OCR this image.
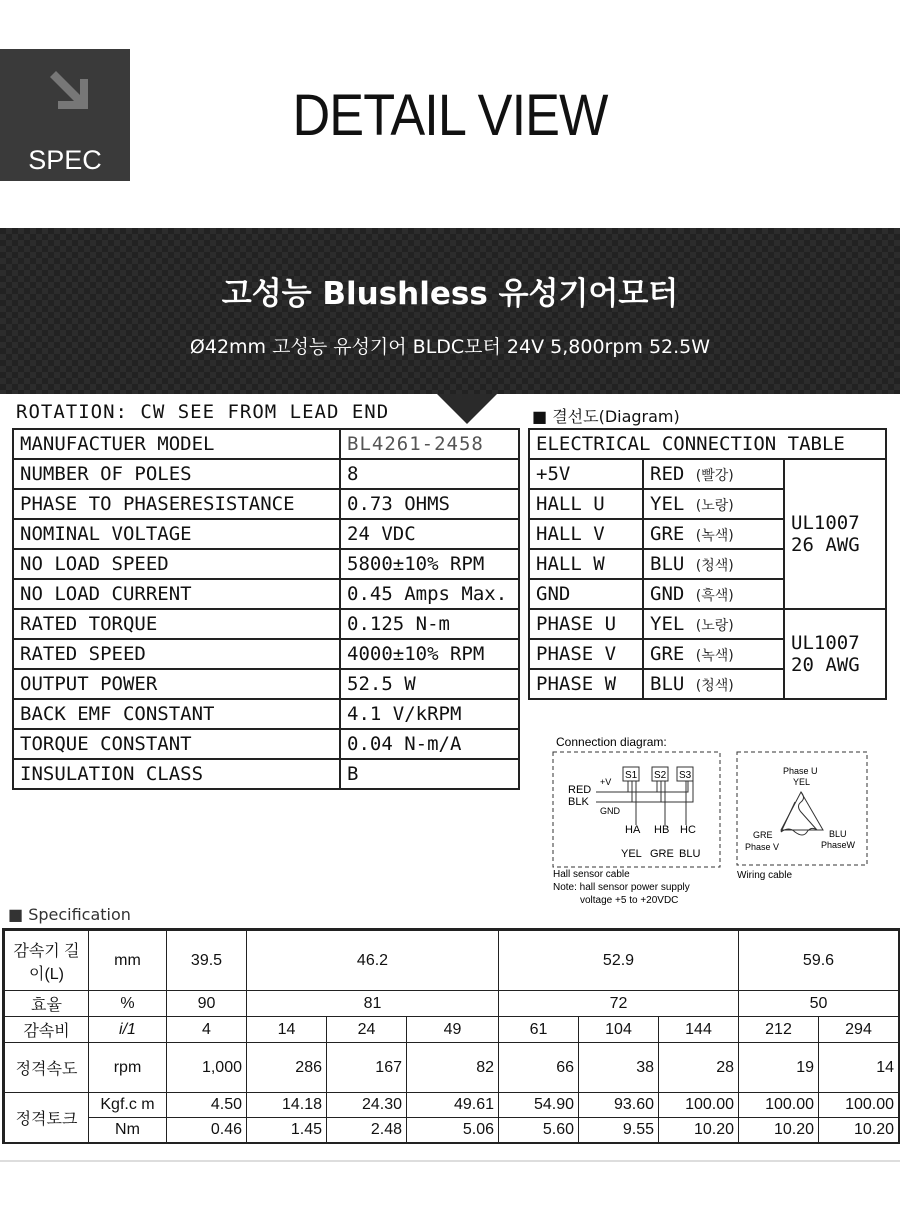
SPEC
DETAIL VIEW
고성능 Blushless 유성기어모터
Ø42mm 고성능 유성기어 BLDC모터 24V 5,800rpm 52.5W
ROTATION: CW SEE FROM LEAD END
MANUFACTUER MODEL	BL4261-2458
NUMBER OF POLES	8
PHASE TO PHASERESISTANCE	0.73 OHMS
NOMINAL VOLTAGE	24 VDC
NO LOAD SPEED	5800±10% RPM
NO LOAD CURRENT	0.45 Amps Max.
RATED TORQUE	0.125 N-m
RATED SPEED	4000±10% RPM
OUTPUT POWER	52.5 W
BACK EMF CONSTANT	4.1 V/kRPM
TORQUE CONSTANT	0.04 N-m/A
INSULATION CLASS	B
■ 결선도(Diagram)
ELECTRICAL CONNECTION TABLE		
+5V	RED (빨강)	UL1007 26 AWG
HALL U	YEL (노랑)	
HALL V	GRE (녹색)	
HALL W	BLU (청색)	
GND	GND (흑색)	
PHASE U	YEL (노랑)	UL1007 20 AWG
PHASE V	GRE (녹색)	
PHASE W	BLU (청색)	
Connection diagram:
S1 S2 S3
+V
RED
BLK
GND
HA HB HC
YEL GRE BLU
Hall sensor cable
Note: hall sensor power supply
voltage +5 to +20VDC
Phase U
YEL
GRE
Phase V
BLU
PhaseW
Wiring cable
■ Specification
감속기 길이(L)	mm	39.5	46.2			52.9			59.6	
효율	%	90	81			72			50	
감속비	i/1	4	14	24	49	61	104	144	212	294
정격속도	rpm	1,000	286	167	82	66	38	28	19	14
정격토크	Kgf.c m	4.50	14.18	24.30	49.61	54.90	93.60	100.00	100.00	100.00
	Nm	0.46	1.45	2.48	5.06	5.60	9.55	10.20	10.20	10.20
